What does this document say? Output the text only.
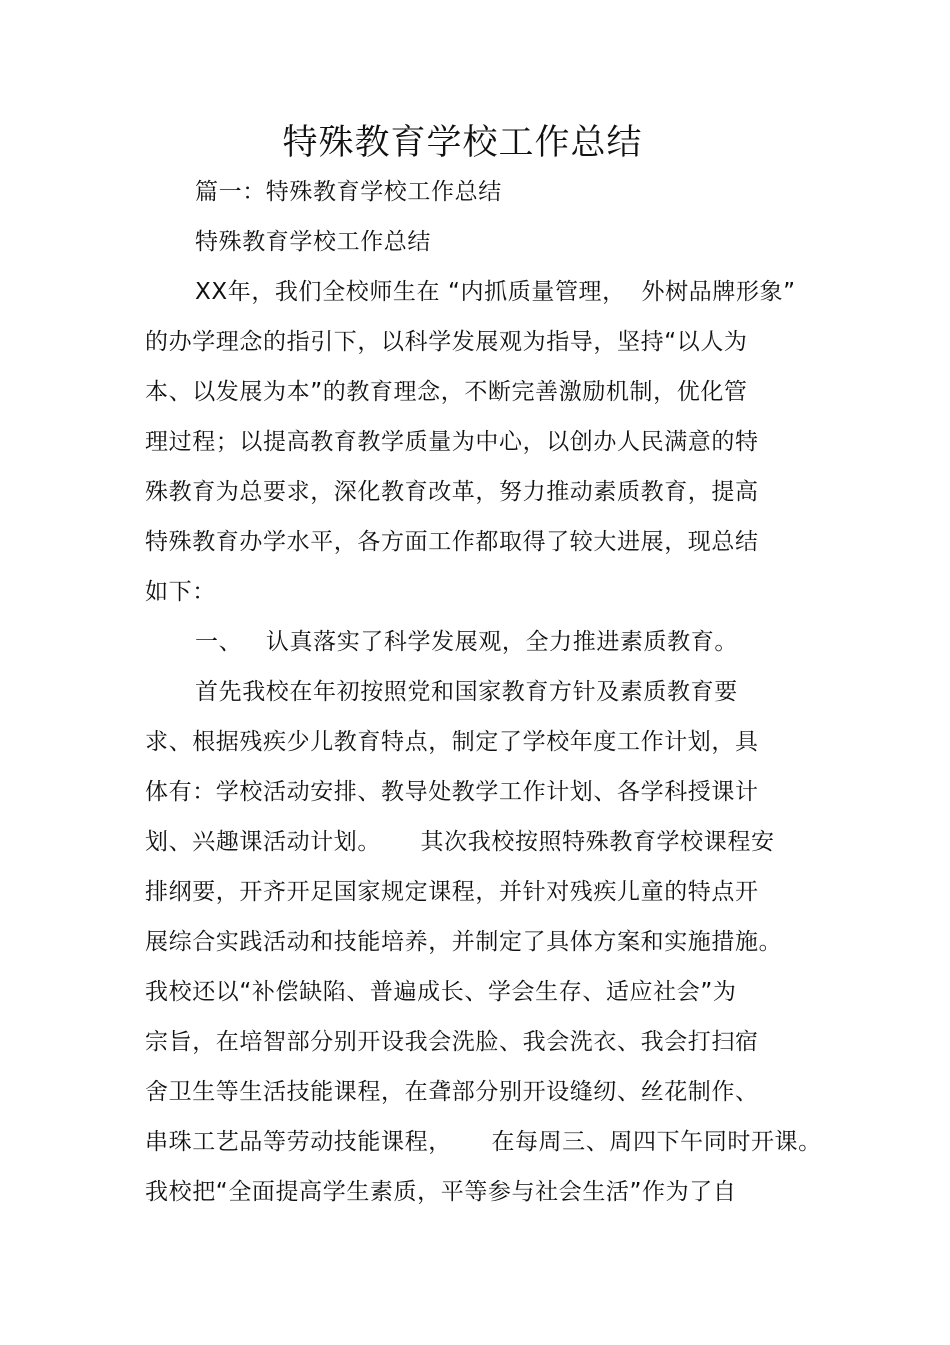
特殊教育学校工作总结
篇一：特殊教育学校工作总结
特殊教育学校工作总结
XX年，我们全校师生在 “内抓质量管理，  外树品牌形象”
的办学理念的指引下，以科学发展观为指导，坚持“以人为
本、以发展为本”的教育理念，不断完善激励机制，优化管
理过程；以提高教育教学质量为中心，以创办人民满意的特
殊教育为总要求，深化教育改革，努力推动素质教育，提高
特殊教育办学水平，各方面工作都取得了较大进展，现总结
如下：
一、   认真落实了科学发展观，全力推进素质教育。
首先我校在年初按照党和国家教育方针及素质教育要
求、根据残疾少儿教育特点，制定了学校年度工作计划，具
体有：学校活动安排、教导处教学工作计划、各学科授课计
划、兴趣课活动计划。     其次我校按照特殊教育学校课程安
排纲要，开齐开足国家规定课程，并针对残疾儿童的特点开
展综合实践活动和技能培养，并制定了具体方案和实施措施。
我校还以“补偿缺陷、普遍成长、学会生存、适应社会”为
宗旨，在培智部分别开设我会洗脸、我会洗衣、我会打扫宿
舍卫生等生活技能课程，在聋部分别开设缝纫、丝花制作、
串珠工艺品等劳动技能课程，     在每周三、周四下午同时开课。
我校把“全面提高学生素质，平等参与社会生活”作为了自
